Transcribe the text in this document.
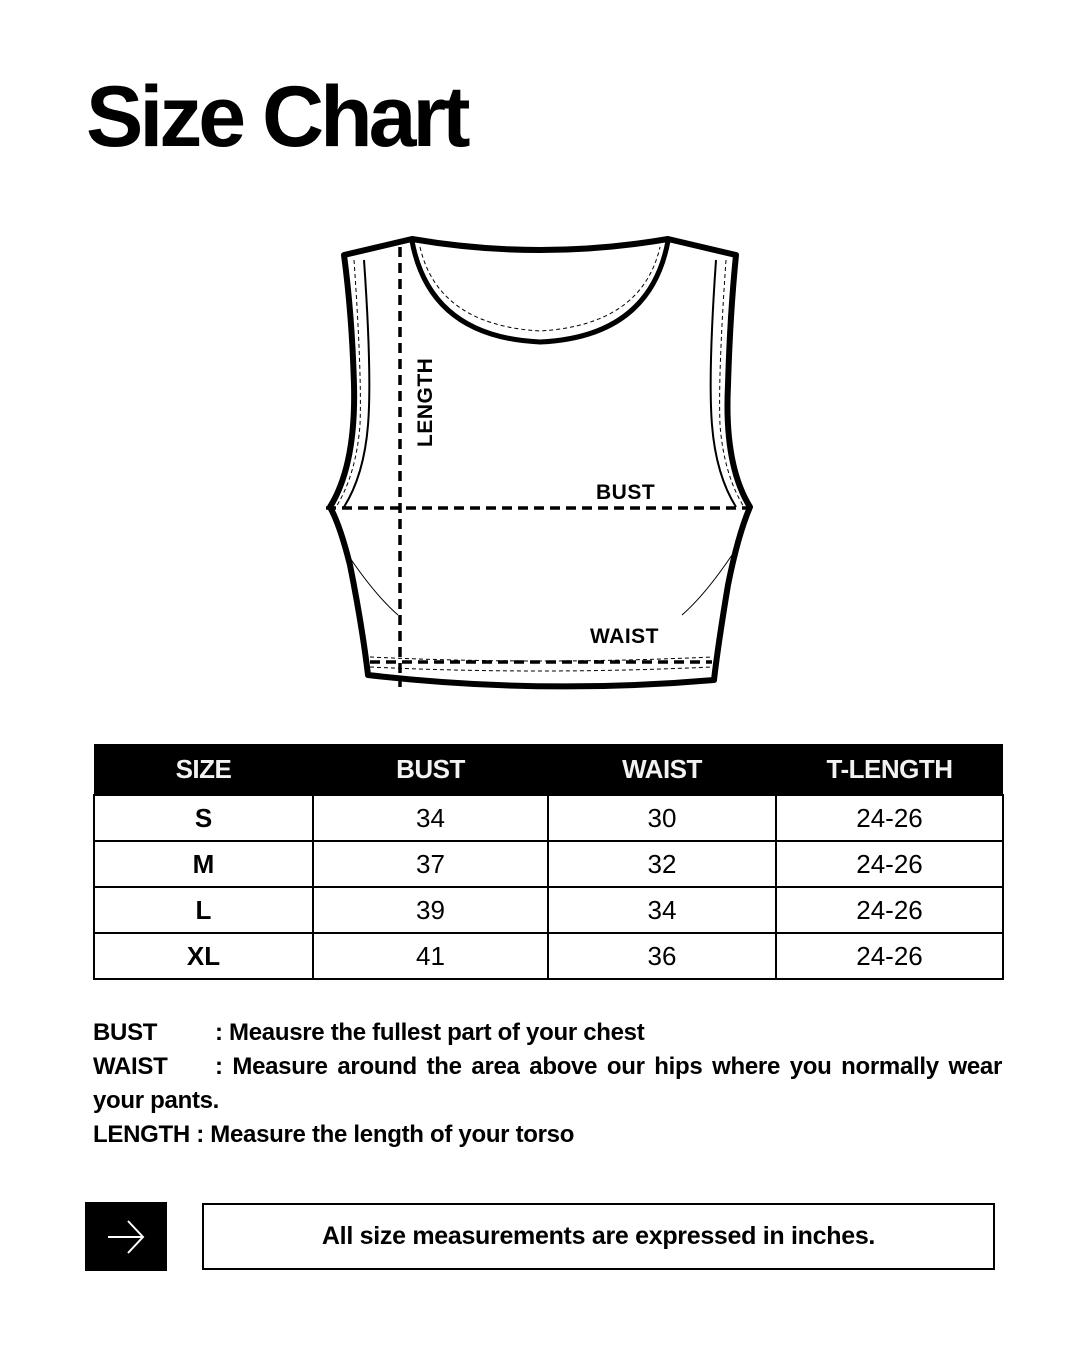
Size Chart
LENGTH
BUST
WAIST
SIZE	BUST	WAIST	T-LENGTH
S	34	30	24-26
M	37	32	24-26
L	39	34	24-26
XL	41	36	24-26
BUST : Meausre the fullest part of your chest
WAIST : Measure around the area above our hips where you normally wear your pants.
LENGTH : Measure the length of your torso
All size measurements are expressed in inches.
